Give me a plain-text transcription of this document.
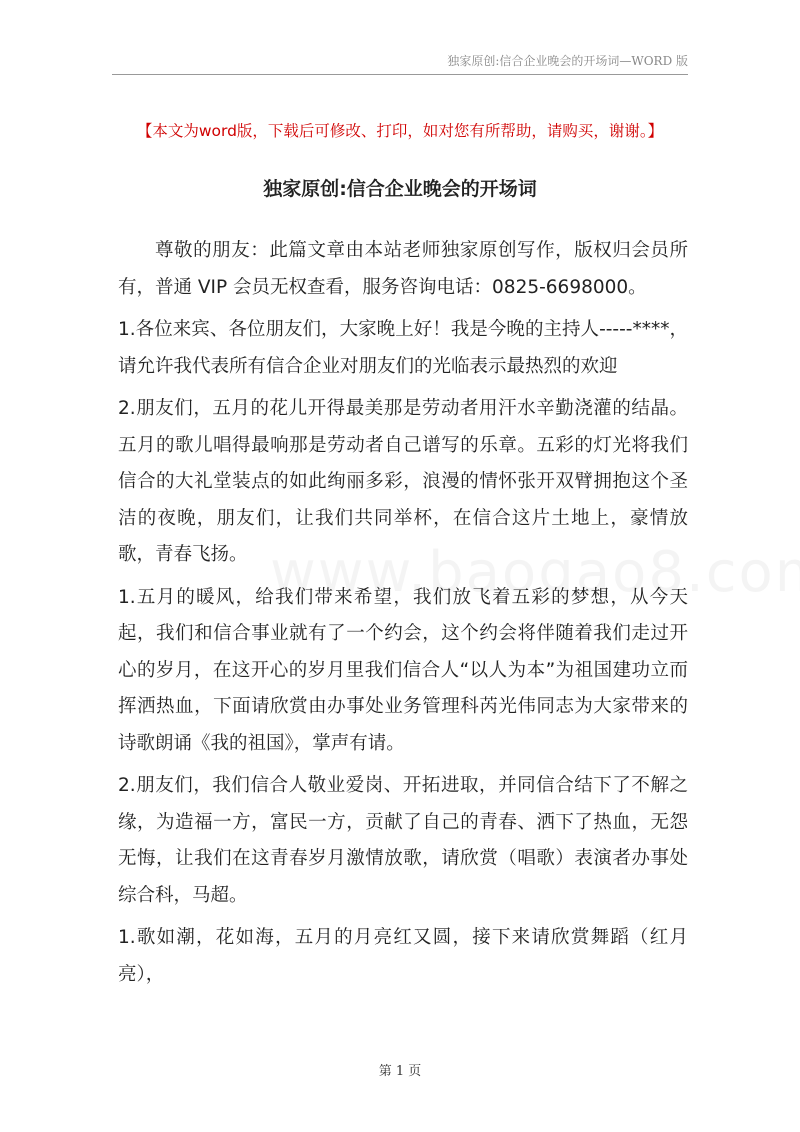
独家原创:信合企业晚会的开场词—WORD 版
【本文为word版，下载后可修改、打印，如对您有所帮助，请购买，谢谢。】
独家原创:信合企业晚会的开场词

尊敬的朋友：此篇文章由本站老师独家原创写作，版权归会员所有，普通 VIP 会员无权查看，服务咨询电话：0825-6698000。

1.各位来宾、各位朋友们，大家晚上好！我是今晚的主持人-----****，请允许我代表所有信合企业对朋友们的光临表示最热烈的欢迎

2.朋友们，五月的花儿开得最美那是劳动者用汗水辛勤浇灌的结晶。五月的歌儿唱得最响那是劳动者自己谱写的乐章。五彩的灯光将我们信合的大礼堂装点的如此绚丽多彩，浪漫的情怀张开双臂拥抱这个圣洁的夜晚，朋友们，让我们共同举杯，在信合这片土地上，豪情放歌，青春飞扬。

1.五月的暖风，给我们带来希望，我们放飞着五彩的梦想，从今天起，我们和信合事业就有了一个约会，这个约会将伴随着我们走过开心的岁月，在这开心的岁月里我们信合人“以人为本”为祖国建功立而挥洒热血，下面请欣赏由办事处业务管理科芮光伟同志为大家带来的诗歌朗诵《我的祖国》，掌声有请。

2.朋友们，我们信合人敬业爱岗、开拓进取，并同信合结下了不解之缘，为造福一方，富民一方，贡献了自己的青春、洒下了热血，无怨无悔，让我们在这青春岁月激情放歌，请欣赏（唱歌）表演者办事处综合科，马超。

1.歌如潮，花如海，五月的月亮红又圆，接下来请欣赏舞蹈（红月亮），

第 1 页
